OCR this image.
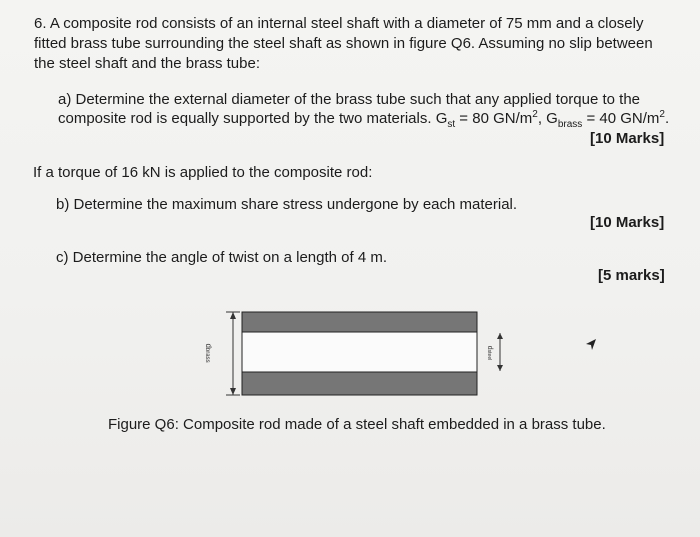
6. A composite rod consists of an internal steel shaft with a diameter of 75 mm and a closely fitted brass tube surrounding the steel shaft as shown in figure Q6. Assuming no slip between the steel shaft and the brass tube:
a) Determine the external diameter of the brass tube such that any applied torque to the
composite rod is equally supported by the two materials. $G_{st} = 80$ $GN/m^2$, $G_{brass} = 40$ $GN/m^2$.
[10 Marks]
If a torque of 16 kN is applied to the composite rod:
b) Determine the maximum share stress undergone by each material.
[10 Marks]
c) Determine the angle of twist on a length of 4 m.
[5 marks]
dbrass
dsteel
Figure Q6: Composite rod made of a steel shaft embedded in a brass tube.
